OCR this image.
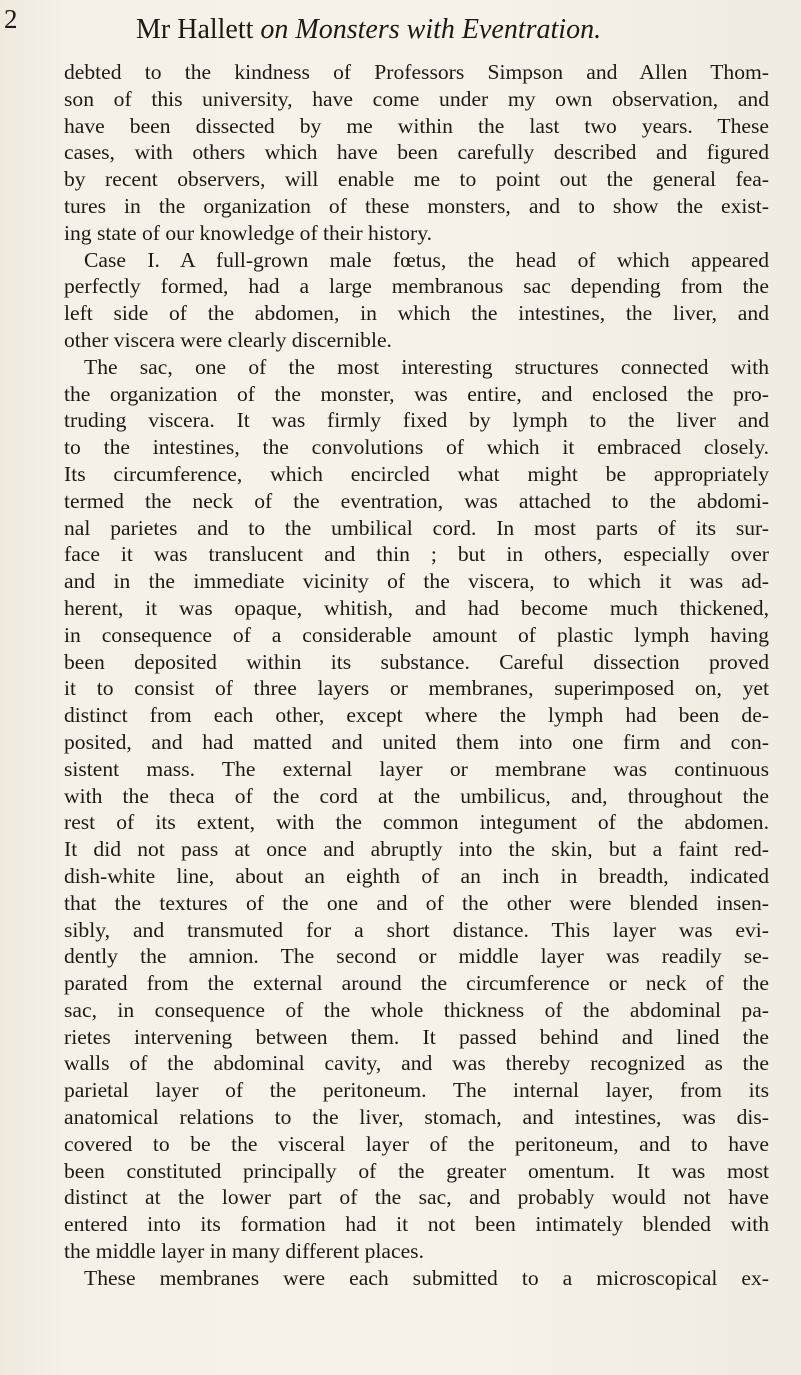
2	Mr Hallett on Monsters with Eventration.
debted to the kindness of Professors Simpson and Allen Thom-
son of this university, have come under my own observation, and
have been dissected by me within the last two years. These
cases, with others which have been carefully described and figured
by recent observers, will enable me to point out the general fea-
tures in the organization of these monsters, and to show the exist-
ing state of our knowledge of their history.
Case I. A full-grown male fœtus, the head of which appeared
perfectly formed, had a large membranous sac depending from the
left side of the abdomen, in which the intestines, the liver, and
other viscera were clearly discernible.
The sac, one of the most interesting structures connected with
the organization of the monster, was entire, and enclosed the pro-
truding viscera. It was firmly fixed by lymph to the liver and
to the intestines, the convolutions of which it embraced closely.
Its circumference, which encircled what might be appropriately
termed the neck of the eventration, was attached to the abdomi-
nal parietes and to the umbilical cord. In most parts of its sur-
face it was translucent and thin ; but in others, especially over
and in the immediate vicinity of the viscera, to which it was ad-
herent, it was opaque, whitish, and had become much thickened,
in consequence of a considerable amount of plastic lymph having
been deposited within its substance. Careful dissection proved
it to consist of three layers or membranes, superimposed on, yet
distinct from each other, except where the lymph had been de-
posited, and had matted and united them into one firm and con-
sistent mass. The external layer or membrane was continuous
with the theca of the cord at the umbilicus, and, throughout the
rest of its extent, with the common integument of the abdomen.
It did not pass at once and abruptly into the skin, but a faint red-
dish-white line, about an eighth of an inch in breadth, indicated
that the textures of the one and of the other were blended insen-
sibly, and transmuted for a short distance. This layer was evi-
dently the amnion. The second or middle layer was readily se-
parated from the external around the circumference or neck of the
sac, in consequence of the whole thickness of the abdominal pa-
rietes intervening between them. It passed behind and lined the
walls of the abdominal cavity, and was thereby recognized as the
parietal layer of the peritoneum. The internal layer, from its
anatomical relations to the liver, stomach, and intestines, was dis-
covered to be the visceral layer of the peritoneum, and to have
been constituted principally of the greater omentum. It was most
distinct at the lower part of the sac, and probably would not have
entered into its formation had it not been intimately blended with
the middle layer in many different places.
These membranes were each submitted to a microscopical ex-
